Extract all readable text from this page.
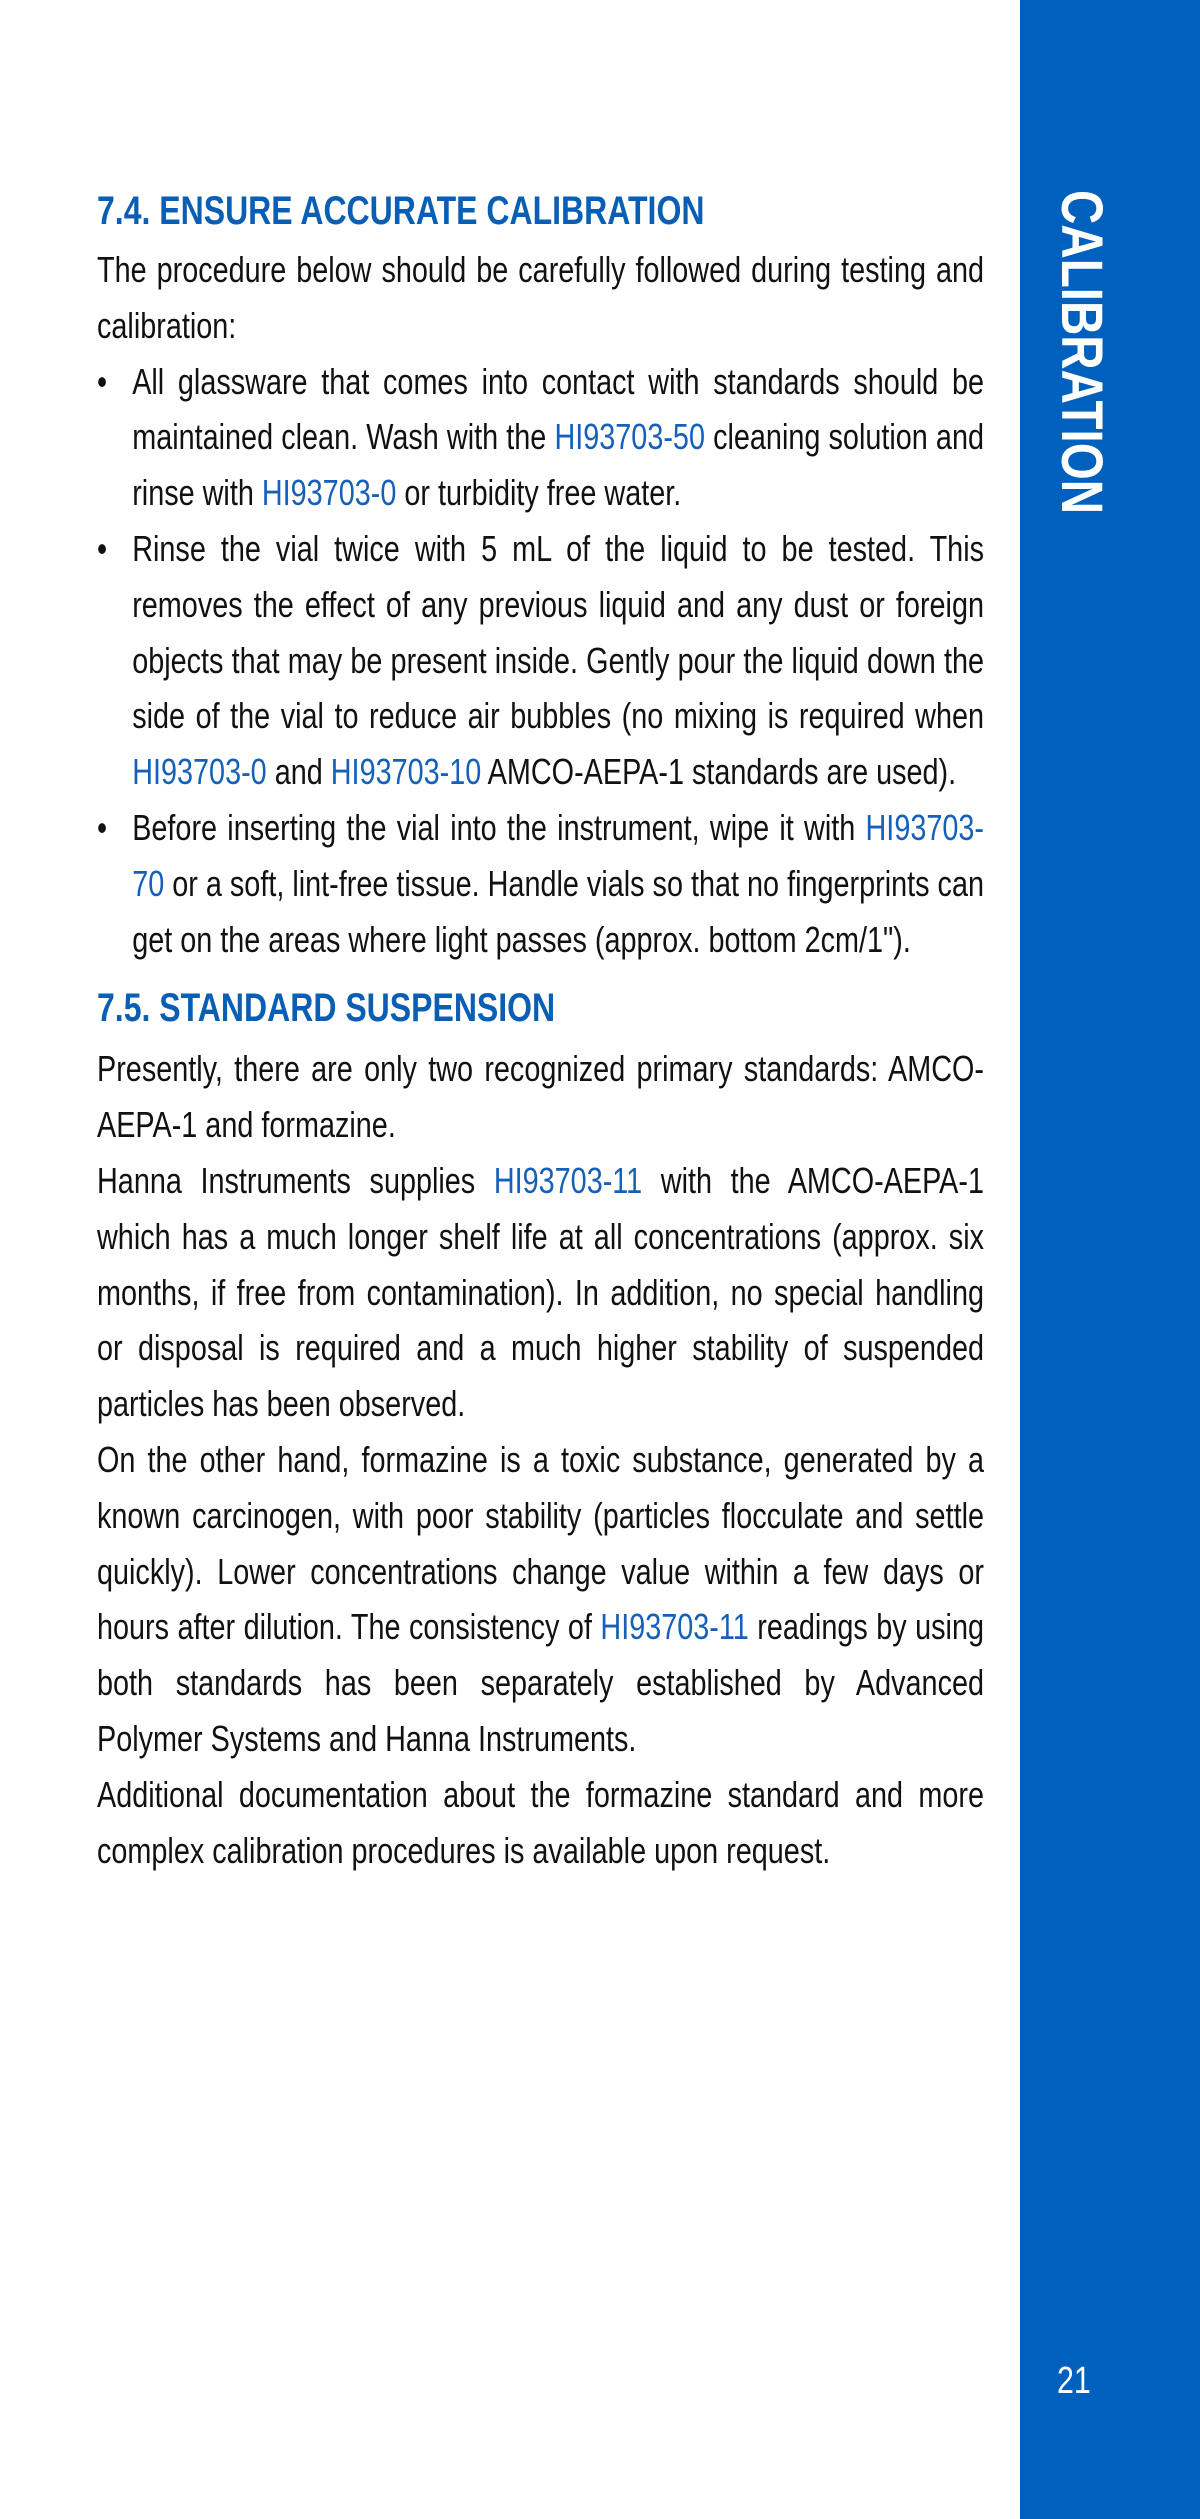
CALIBRATION
21
7.4. ENSURE ACCURATE CALIBRATION

The procedure below should be carefully followed during testing and calibration:

• All glassware that comes into contact with standards should be maintained clean. Wash with the HI93703-50 cleaning solution and rinse with HI93703-0 or turbidity free water.
• Rinse the vial twice with 5 mL of the liquid to be tested. This removes the effect of any previous liquid and any dust or foreign objects that may be present inside. Gently pour the liquid down the side of the vial to reduce air bubbles (no mixing is required when HI93703-0 and HI93703-10 AMCO-AEPA-1 standards are used).
• Before inserting the vial into the instrument, wipe it with HI93703-70 or a soft, lint-free tissue. Handle vials so that no fingerprints can get on the areas where light passes (approx. bottom 2cm/1").
7.5. STANDARD SUSPENSION

Presently, there are only two recognized primary standards: AMCO-AEPA-1 and formazine.

Hanna Instruments supplies HI93703-11 with the AMCO-AEPA-1 which has a much longer shelf life at all concentrations (approx. six months, if free from contamination). In addition, no special handling or disposal is required and a much higher stability of suspended particles has been observed.

On the other hand, formazine is a toxic substance, generated by a known carcinogen, with poor stability (particles flocculate and settle quickly). Lower concentrations change value within a few days or hours after dilution. The consistency of HI93703-11 readings by using both standards has been separately established by Advanced Polymer Systems and Hanna Instruments.

Additional documentation about the formazine standard and more complex calibration procedures is available upon request.
